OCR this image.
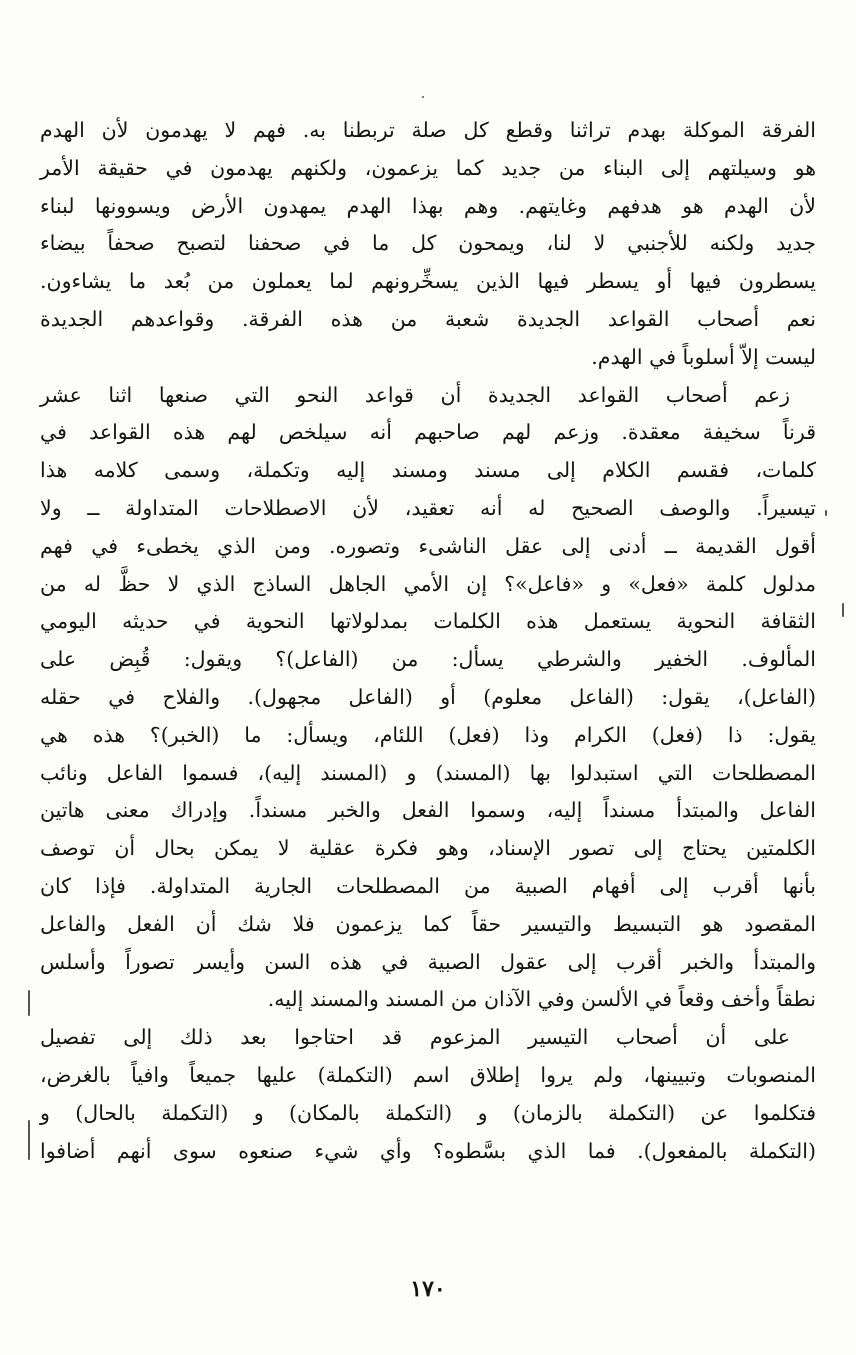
الفرقة الموكلة بهدم تراثنا وقطع كل صلة تربطنا به. فهم لا يهدمون لأن الهدم
هو وسيلتهم إلى البناء من جديد كما يزعمون، ولكنهم يهدمون في حقيقة الأمر
لأن الهدم هو هدفهم وغايتهم. وهم بهذا الهدم يمهدون الأرض ويسوونها لبناء
جديد ولكنه للأجنبي لا لنا، ويمحون كل ما في صحفنا لتصبح صحفاً بيضاء
يسطرون فيها أو يسطر فيها الذين يسخِّرونهم لما يعملون من بُعد ما يشاءون.
نعم أصحاب القواعد الجديدة شعبة من هذه الفرقة. وقواعدهم الجديدة
ليست إلاّ أسلوباً في الهدم.
زعم أصحاب القواعد الجديدة أن قواعد النحو التي صنعها اثنا عشر
قرناً سخيفة معقدة. وزعم لهم صاحبهم أنه سيلخص لهم هذه القواعد في
كلمات، فقسم الكلام إلى مسند ومسند إليه وتكملة، وسمى كلامه هذا
تيسيراً. والوصف الصحيح له أنه تعقيد، لأن الاصطلاحات المتداولة ــ ولا
أقول القديمة ــ أدنى إلى عقل الناشىء وتصوره. ومن الذي يخطىء في فهم
مدلول كلمة «فعل» و «فاعل»؟ إن الأمي الجاهل الساذج الذي لا حظَّ له من
الثقافة النحوية يستعمل هذه الكلمات بمدلولاتها النحوية في حديثه اليومي
المألوف. الخفير والشرطي يسأل: من (الفاعل)؟ ويقول: قُبِض على
(الفاعل)، يقول: (الفاعل معلوم) أو (الفاعل مجهول). والفلاح في حقله
يقول: ذا (فعل) الكرام وذا (فعل) اللئام، ويسأل: ما (الخبر)؟ هذه هي
المصطلحات التي استبدلوا بها (المسند) و (المسند إليه)، فسموا الفاعل ونائب
الفاعل والمبتدأ مسنداً إليه، وسموا الفعل والخبر مسنداً. وإدراك معنى هاتين
الكلمتين يحتاج إلى تصور الإسناد، وهو فكرة عقلية لا يمكن بحال أن توصف
بأنها أقرب إلى أفهام الصبية من المصطلحات الجارية المتداولة. فإذا كان
المقصود هو التبسيط والتيسير حقاً كما يزعمون فلا شك أن الفعل والفاعل
والمبتدأ والخبر أقرب إلى عقول الصبية في هذه السن وأيسر تصوراً وأسلس
نطقاً وأخف وقعاً في الألسن وفي الآذان من المسند والمسند إليه.
على أن أصحاب التيسير المزعوم قد احتاجوا بعد ذلك إلى تفصيل
المنصوبات وتبيينها، ولم يروا إطلاق اسم (التكملة) عليها جميعاً وافياً بالغرض،
فتكلموا عن (التكملة بالزمان) و (التكملة بالمكان) و (التكملة بالحال) و
(التكملة بالمفعول). فما الذي بسَّطوه؟ وأي شيء صنعوه سوى أنهم أضافوا
١٧٠
